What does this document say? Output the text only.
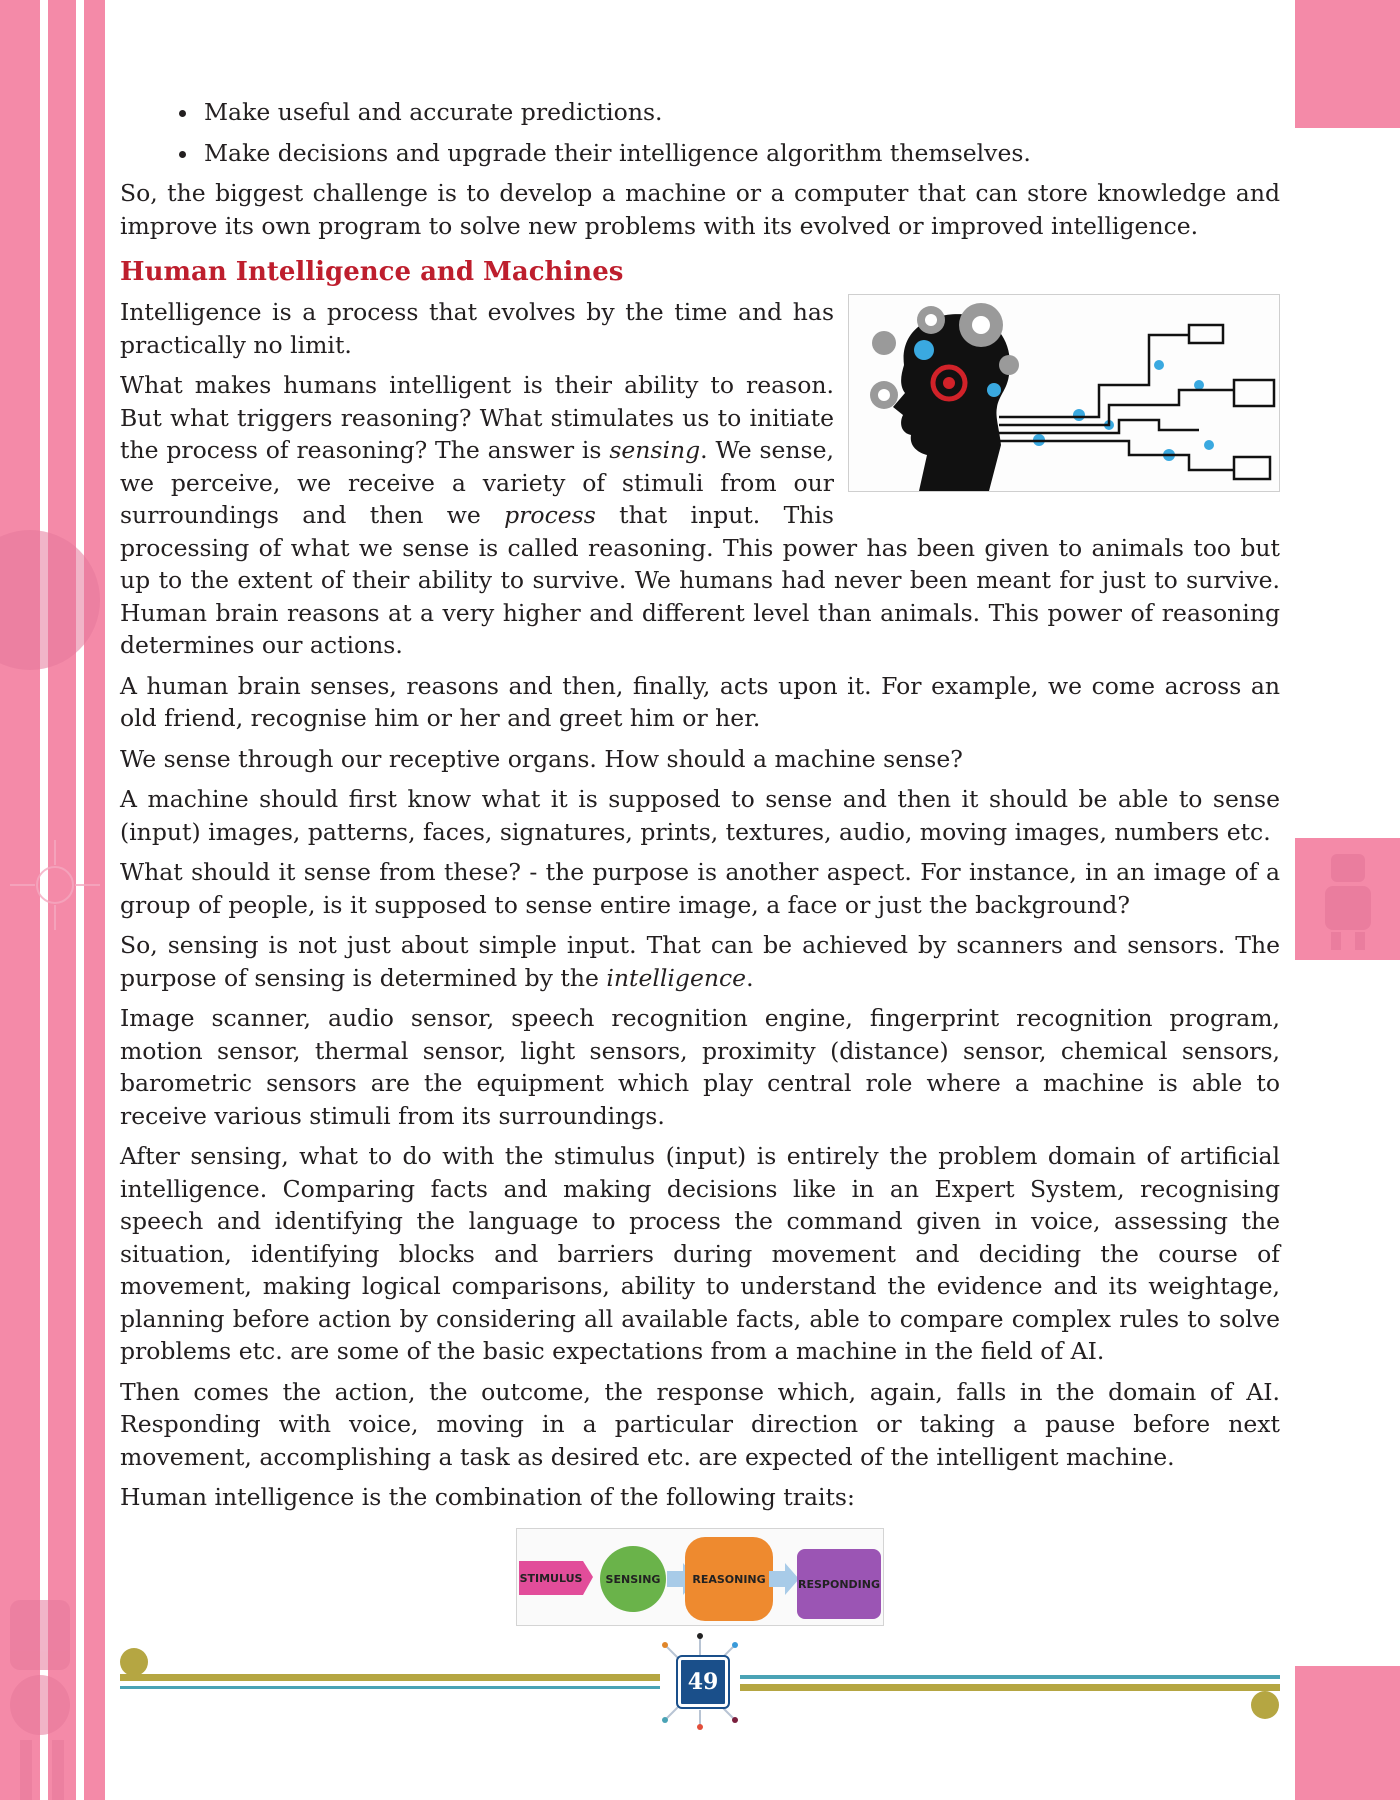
• Make useful and accurate predictions.
• Make decisions and upgrade their intelligence algorithm themselves.

So, the biggest challenge is to develop a machine or a computer that can store knowledge and improve its own program to solve new problems with its evolved or improved intelligence.

Human Intelligence and Machines

Intelligence is a process that evolves by the time and has practically no limit.

What makes humans intelligent is their ability to reason. But what triggers reasoning? What stimulates us to initiate the process of reasoning? The answer is sensing. We sense, we perceive, we receive a variety of stimuli from our surroundings and then we process that input. This processing of what we sense is called reasoning. This power has been given to animals too but up to the extent of their ability to survive. We humans had never been meant for just to survive. Human brain reasons at a very higher and different level than animals. This power of reasoning determines our actions.

A human brain senses, reasons and then, finally, acts upon it. For example, we come across an old friend, recognise him or her and greet him or her.

We sense through our receptive organs. How should a machine sense?

A machine should first know what it is supposed to sense and then it should be able to sense (input) images, patterns, faces, signatures, prints, textures, audio, moving images, numbers etc.

What should it sense from these? - the purpose is another aspect. For instance, in an image of a group of people, is it supposed to sense entire image, a face or just the background?

So, sensing is not just about simple input. That can be achieved by scanners and sensors. The purpose of sensing is determined by the intelligence.

Image scanner, audio sensor, speech recognition engine, fingerprint recognition program, motion sensor, thermal sensor, light sensors, proximity (distance) sensor, chemical sensors, barometric sensors are the equipment which play central role where a machine is able to receive various stimuli from its surroundings.

After sensing, what to do with the stimulus (input) is entirely the problem domain of artificial intelligence. Comparing facts and making decisions like in an Expert System, recognising speech and identifying the language to process the command given in voice, assessing the situation, identifying blocks and barriers during movement and deciding the course of movement, making logical comparisons, ability to understand the evidence and its weightage, planning before action by considering all available facts, able to compare complex rules to solve problems etc. are some of the basic expectations from a machine in the field of AI.

Then comes the action, the outcome, the response which, again, falls in the domain of AI. Responding with voice, moving in a particular direction or taking a pause before next movement, accomplishing a task as desired etc. are expected of the intelligent machine.

Human intelligence is the combination of the following traits:

STIMULUS SENSING	REASONING	RESPONDING
49
